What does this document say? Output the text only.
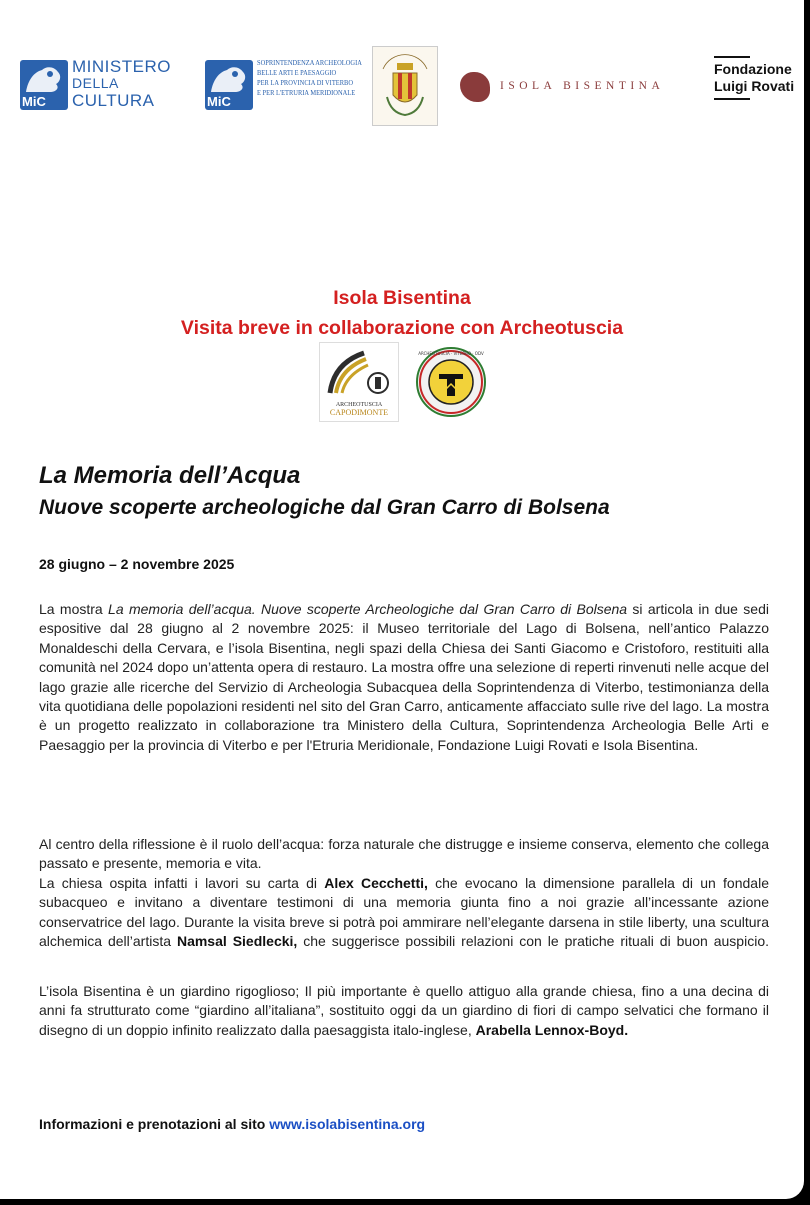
MiC
MINISTERO
DELLA
CULTURA	MiC
SOPRINTENDENZA ARCHEOLOGIA
BELLE ARTI E PAESAGGIO
PER LA PROVINCIA DI VITERBO
E PER L'ETRURIA MERIDIONALE
ISOLA BISENTINA
Fondazione
Luigi Rovati
Isola Bisentina
Visita breve in collaborazione con Archeotuscia
ARCHEOTUSCIA
CAPODIMONTE
ARCHEOTUSCIA · VITERBO · ODV
La Memoria dell’Acqua
Nuove scoperte archeologiche dal Gran Carro di Bolsena
28 giugno – 2 novembre 2025

La mostra La memoria dell’acqua. Nuove scoperte Archeologiche dal Gran Carro di Bolsena si articola in due sedi espositive dal 28 giugno al 2 novembre 2025: il Museo territoriale del Lago di Bolsena, nell’antico Palazzo Monaldeschi della Cervara, e l’isola Bisentina, negli spazi della Chiesa dei Santi Giacomo e Cristoforo, restituiti alla comunità nel 2024 dopo un’attenta opera di restauro. La mostra offre una selezione di reperti rinvenuti nelle acque del lago grazie alle ricerche del Servizio di Archeologia Subacquea della Soprintendenza di Viterbo, testimonianza della vita quotidiana delle popolazioni residenti nel sito del Gran Carro, anticamente affacciato sulle rive del lago. La mostra è un progetto realizzato in collaborazione tra Ministero della Cultura, Soprintendenza Archeologia Belle Arti e Paesaggio per la provincia di Viterbo e per l'Etruria Meridionale, Fondazione Luigi Rovati e Isola Bisentina.

Al centro della riflessione è il ruolo dell’acqua: forza naturale che distrugge e insieme conserva, elemento che collega passato e presente, memoria e vita.

La chiesa ospita infatti i lavori su carta di Alex Cecchetti, che evocano la dimensione parallela di un fondale subacqueo e invitano a diventare testimoni di una memoria giunta fino a noi grazie all’incessante azione conservatrice del lago. Durante la visita breve si potrà poi ammirare nell’elegante darsena in stile liberty, una scultura alchemica dell’artista Namsal Siedlecki, che suggerisce possibili relazioni con le pratiche rituali di buon auspicio.

L’isola Bisentina è un giardino rigoglioso; Il più importante è quello attiguo alla grande chiesa, fino a una decina di anni fa strutturato come “giardino all’italiana”, sostituito oggi da un giardino di fiori di campo selvatici che formano il disegno di un doppio infinito realizzato dalla paesaggista italo-inglese, Arabella Lennox-Boyd.

Informazioni e prenotazioni al sito www.isolabisentina.org
